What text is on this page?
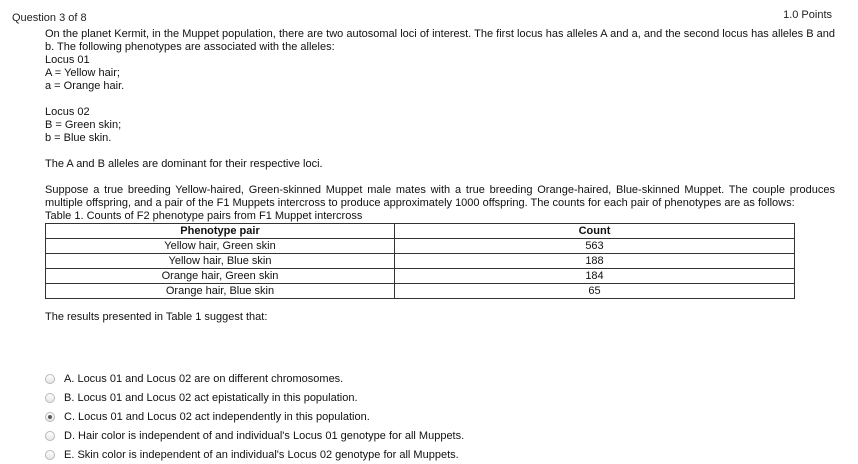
Question 3 of 8	1.0 Points

On the planet Kermit, in the Muppet population, there are two autosomal loci of interest. The first locus has alleles A and a, and the second locus has alleles B and b. The following phenotypes are associated with the alleles:

Locus 01

A = Yellow hair;

a = Orange hair.

Locus 02

B = Green skin;

b = Blue skin.

The A and B alleles are dominant for their respective loci.

Suppose a true breeding Yellow-haired, Green-skinned Muppet male mates with a true breeding Orange-haired, Blue-skinned Muppet. The couple produces multiple offspring, and a pair of the F1 Muppets intercross to produce approximately 1000 offspring. The counts for each pair of phenotypes are as follows:

Table 1. Counts of F2 phenotype pairs from F1 Muppet intercross

Phenotype pair	Count
Yellow hair, Green skin	563
Yellow hair, Blue skin	188
Orange hair, Green skin	184
Orange hair, Blue skin	65

The results presented in Table 1 suggest that:

A. Locus 01 and Locus 02 are on different chromosomes.
B. Locus 01 and Locus 02 act epistatically in this population.
C. Locus 01 and Locus 02 act independently in this population.
D. Hair color is independent of and individual's Locus 01 genotype for all Muppets.
E. Skin color is independent of an individual's Locus 02 genotype for all Muppets.
